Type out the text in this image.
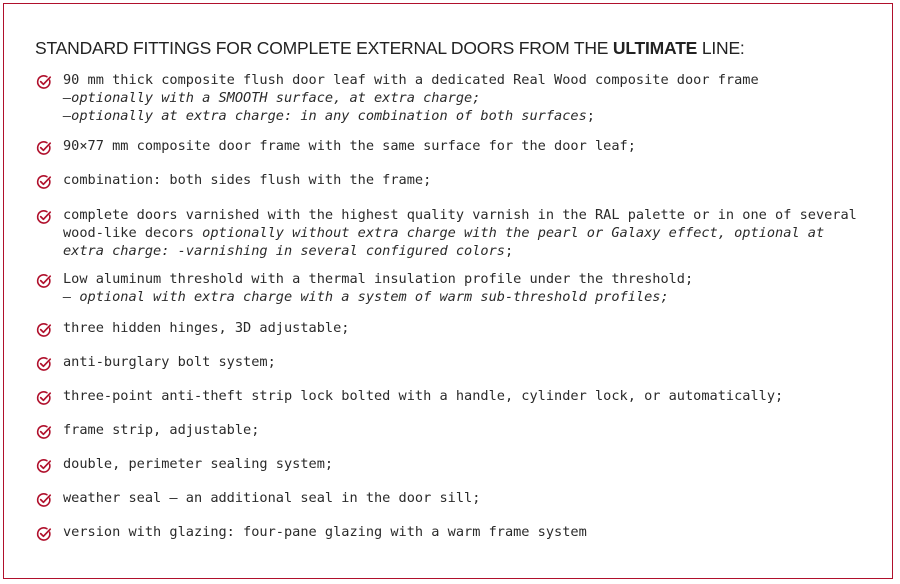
STANDARD FITTINGS FOR COMPLETE EXTERNAL DOORS FROM THE ULTIMATE LINE:
90 mm thick composite flush door leaf with a dedicated Real Wood composite door frame
–optionally with a SMOOTH surface, at extra charge;
–optionally at extra charge: in any combination of both surfaces;
90×77 mm composite door frame with the same surface for the door leaf;
combination: both sides flush with the frame;
complete doors varnished with the highest quality varnish in the RAL palette or in one of several wood-like decors optionally without extra charge with the pearl or Galaxy effect, optional at extra charge: -varnishing in several configured colors;
Low aluminum threshold with a thermal insulation profile under the threshold;
– optional with extra charge with a system of warm sub-threshold profiles;
three hidden hinges, 3D adjustable;
anti-burglary bolt system;
three-point anti-theft strip lock bolted with a handle, cylinder lock, or automatically;
frame strip, adjustable;
double, perimeter sealing system;
weather seal – an additional seal in the door sill;
version with glazing: four-pane glazing with a warm frame system
